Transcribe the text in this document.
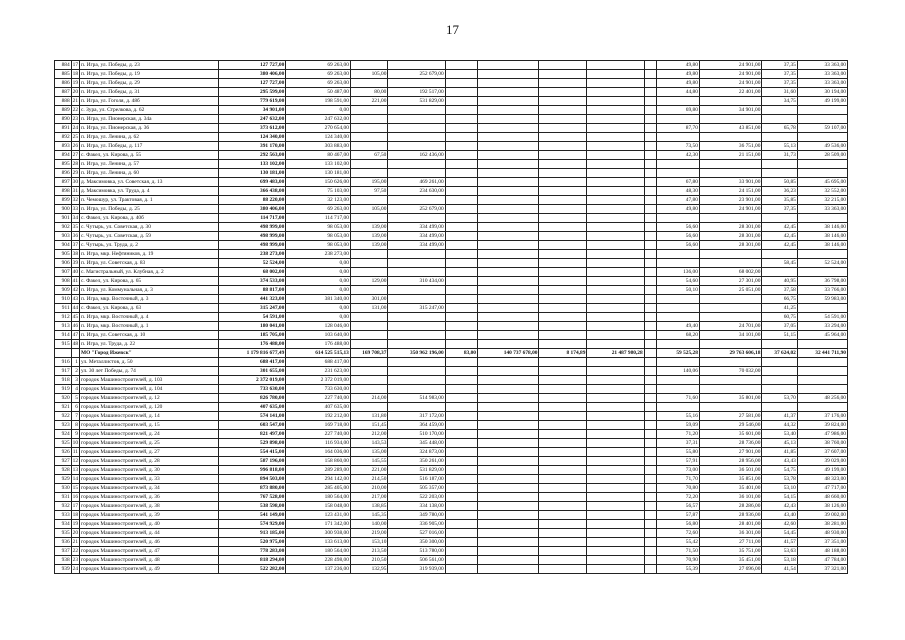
17
884	17	п. Игра, ул. Победы, д. 23	127 727,00	69 263,00								49,80	24 901,00	37,35	33 363,00
885	18	п. Игра, ул. Победы, д. 19	380 406,00	69 263,00	105,00	252 679,00						49,80	24 901,00	37,35	33 363,00
886	19	п. Игра, ул. Победы, д. 29	127 727,00	69 263,00								49,80	24 901,00	37,35	33 363,00
887	20	п. Игра, ул. Победы, д. 31	295 599,00	50 487,00	80,00	192 517,00						44,80	22 401,00	31,60	30 194,00
888	21	п. Игра, ул. Гоголя, д. 48б	779 619,00	198 591,00	221,00	531 829,00								34,75	49 199,00
889	22	с. Зура, ул. Стрелкова, д. 62	34 901,00	0,00								69,80	34 901,00		
890	23	п. Игра, ул. Пионерская, д. 34а	247 632,00	247 632,00											
891	24	п. Игра, ул. Пионерская, д. 36	373 612,00	270 654,00								87,70	43 851,00	65,78	59 107,00
892	25	п. Игра, ул. Ленина, д. 62	124 340,00	124 340,00											
893	26	п. Игра, ул. Победы, д. 117	391 170,00	303 883,00								73,50	36 751,00	55,13	49 536,00
894	27	с. Факел, ул. Кирова, д. 55	292 563,00	80 467,00	67,50	162 436,00						42,30	21 151,00	31,73	28 509,00
895	28	п. Игра, ул. Ленина, д. 57	133 102,00	133 102,00											
896	29	п. Игра, ул. Ленина, д. 60	130 181,00	130 181,00											
897	30	д. Максимовка, ул. Советская, д. 13	699 483,00	150 626,00	195,00	469 261,00						67,80	33 901,00	50,85	45 695,00
898	31	д. Максимовка, ул. Труда, д. 4	366 438,00	75 103,00	97,50	234 630,00						48,30	24 151,00	36,23	32 552,00
899	32	п. Чемошур, ул. Трактовая, д. 1	88 220,00	32 123,00								47,80	23 901,00	35,85	32 215,00
900	33	п. Игра, ул. Победы, д. 25	380 406,00	69 263,00	105,00	252 679,00						49,80	24 901,00	37,35	33 363,00
901	34	с. Факел, ул. Кирова, д. 40б	114 717,00	114 717,00											
902	35	с. Чутырь, ул. Советская, д. 30	498 999,00	98 053,00	139,00	334 499,00						56,60	28 301,00	42,45	38 146,00
903	36	с. Чутырь, ул. Советская, д. 59	498 999,00	98 053,00	139,00	334 499,00						56,60	28 301,00	42,45	38 146,00
904	37	с. Чутырь, ул. Труда, д. 2	498 999,00	98 053,00	139,00	334 499,00						56,60	28 301,00	42,45	38 146,00
905	38	п. Игра, мкр. Нефтяников, д. 19	238 273,00	238 273,00											
906	39	п. Игра, ул. Советская, д. 83	52 524,00	0,00										58,45	52 524,00
907	40	с. Магистральный, ул. Клубная, д. 2	68 002,00	0,00								136,00	68 002,00		
908	41	с. Факел, ул. Кирова, д. 65	374 533,00	0,00	129,00	310 434,00						54,60	27 301,00	40,95	36 798,00
909	42	п. Игра, ул. Коммунальная, д. 3	88 817,00	0,00								50,10	25 051,00	37,58	33 766,00
910	43	п. Игра, мкр. Восточный, д. 3	441 323,00	381 340,00	301,00									66,75	59 983,00
911	44	с. Факел, ул. Кирова, д. 63	315 247,00	0,00	131,00	315 247,00								41,25	
912	45	п. Игра, мкр. Восточный, д. 4	54 591,00	0,00										60,75	54 591,00
913	46	п. Игра, мкр. Восточный, д. 1	180 041,00	128 046,00								49,40	24 701,00	37,05	33 294,00
914	47	п. Игра, ул. Советская, д. 10	185 705,00	103 640,00								68,20	34 101,00	51,15	45 964,00
915	48	п. Игра, ул. Труда, д. 22	176 488,00	176 488,00											
		МО "Город Ижевск"	1 179 816 677,49	614 525 515,13	169 708,37	350 962 196,00	83,00	140 737 678,00	8 174,89	21 487 980,28		59 525,28	29 763 606,18	37 624,02	32 441 711,90
916	1	ул. Металлистов, д. 50	688 417,00	688 417,00											
917	2	ул. 30 лет Победы, д. 74	301 655,00	231 623,00								140,06	70 032,00		
918	3	городок Машиностроителей, д. 103	2 372 019,00	2 372 019,00											
919	4	городок Машиностроителей, д. 104	733 630,00	733 630,00											
920	5	городок Машиностроителей, д. 12	826 780,00	227 740,00	214,00	514 983,00						71,60	35 801,00	53,70	48 256,00
921	6	городок Машиностроителей, д. 120	407 635,00	407 635,00											
922	7	городок Машиностроителей, д. 14	574 141,00	192 212,00	131,80	317 172,00						55,16	27 581,00	41,37	37 176,00
923	8	городок Машиностроителей, д. 15	603 547,00	169 718,00	151,45	364 459,00						59,09	29 546,00	44,32	39 824,00
924	9	городок Машиностроителей, д. 24	821 497,00	227 740,00	212,00	510 170,00						71,20	35 601,00	53,40	47 986,00
925	10	городок Машиностроителей, д. 25	529 898,00	116 934,00	143,53	345 448,00						37,31	28 736,00	45,13	38 760,00
926	11	городок Машиностроителей, д. 27	554 415,00	164 036,00	135,00	324 873,00						55,80	27 901,00	41,85	37 607,00
927	12	городок Машиностроителей, д. 28	587 196,00	158 860,00	145,55	350 261,00						57,91	28 956,00	43,43	39 029,00
928	13	городок Машиностроителей, д. 30	996 818,00	289 289,00	221,00	531 829,00						73,00	36 501,00	54,75	49 199,00
929	14	городок Машиностроителей, д. 33	894 503,00	294 142,00	214,50	516 187,00						71,70	35 851,00	53,78	48 323,00
930	15	городок Машиностроителей, д. 34	873 880,00	285 405,00	210,00	505 357,00						70,80	35 401,00	53,10	47 717,00
931	16	городок Машиностроителей, д. 36	767 528,00	180 564,00	217,00	522 203,00						72,20	36 101,00	54,15	48 660,00
932	17	городок Машиностроителей, д. 38	538 598,00	158 048,00	138,85	334 138,00						56,57	28 286,00	42,43	38 126,00
933	18	городок Машиностроителей, д. 39	541 149,00	123 431,00	145,35	349 780,00						57,87	28 936,00	43,40	39 002,00
934	19	городок Машиностроителей, д. 40	574 929,00	171 342,00	140,00	336 905,00						56,80	28 401,00	42,60	38 281,00
935	20	городок Машиностроителей, д. 44	913 185,00	300 938,00	219,00	527 016,00						72,60	36 301,00	54,45	48 930,00
936	21	городок Машиностроителей, д. 46	520 975,00	133 613,00	153,10	350 300,00						55,42	27 711,00	41,57	37 351,00
937	22	городок Машиностроителей, д. 47	778 283,00	180 564,00	213,50	513 780,00						71,50	35 751,00	53,63	48 188,00
938	23	городок Машиностроителей, д. 48	818 294,00	228 498,00	210,50	506 561,00						70,90	35 451,00	53,18	47 784,00
939	24	городок Машиностроителей, д. 49	522 282,00	137 236,00	132,95	319 939,00						55,39	27 696,00	41,54	37 321,00
